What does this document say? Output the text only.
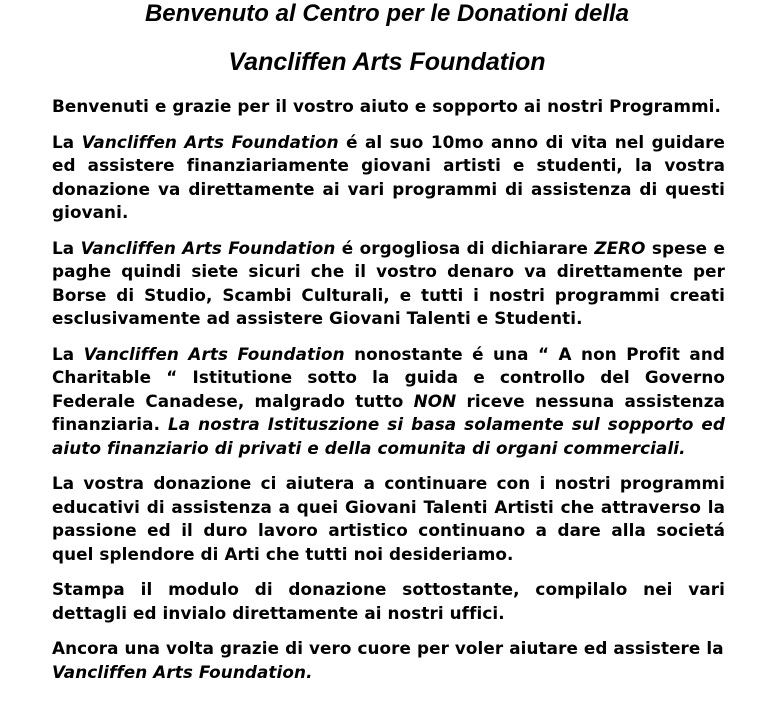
Benvenuto al Centro per le Donationi della
Vancliffen Arts Foundation

Benvenuti e grazie per il vostro aiuto e sopporto ai nostri Programmi.

La Vancliffen Arts Foundation é al suo 10mo anno di vita nel guidare ed assistere finanziariamente giovani artisti e studenti, la vostra donazione va direttamente ai vari programmi di assistenza di questi giovani.

La Vancliffen Arts Foundation é orgogliosa di dichiarare ZERO spese e paghe quindi siete sicuri che il vostro denaro va direttamente per Borse di Studio, Scambi Culturali, e tutti i nostri programmi creati esclusivamente ad assistere Giovani Talenti e Studenti.

La Vancliffen Arts Foundation nonostante é una “ A non Profit and Charitable “ Istitutione sotto la guida e controllo del Governo Federale Canadese, malgrado tutto NON riceve nessuna assistenza finanziaria. La nostra Istituszione si basa solamente sul sopporto ed aiuto finanziario di privati e della comunita di organi commerciali.

La vostra donazione ci aiutera a continuare con i nostri programmi educativi di assistenza a quei Giovani Talenti Artisti che attraverso la passione ed il duro lavoro artistico continuano a dare alla societá quel splendore di Arti che tutti noi desideriamo.

Stampa il modulo di donazione sottostante, compilalo nei vari dettagli ed invialo direttamente ai nostri uffici.

Ancora una volta grazie di vero cuore per voler aiutare ed assistere la Vancliffen Arts Foundation.
